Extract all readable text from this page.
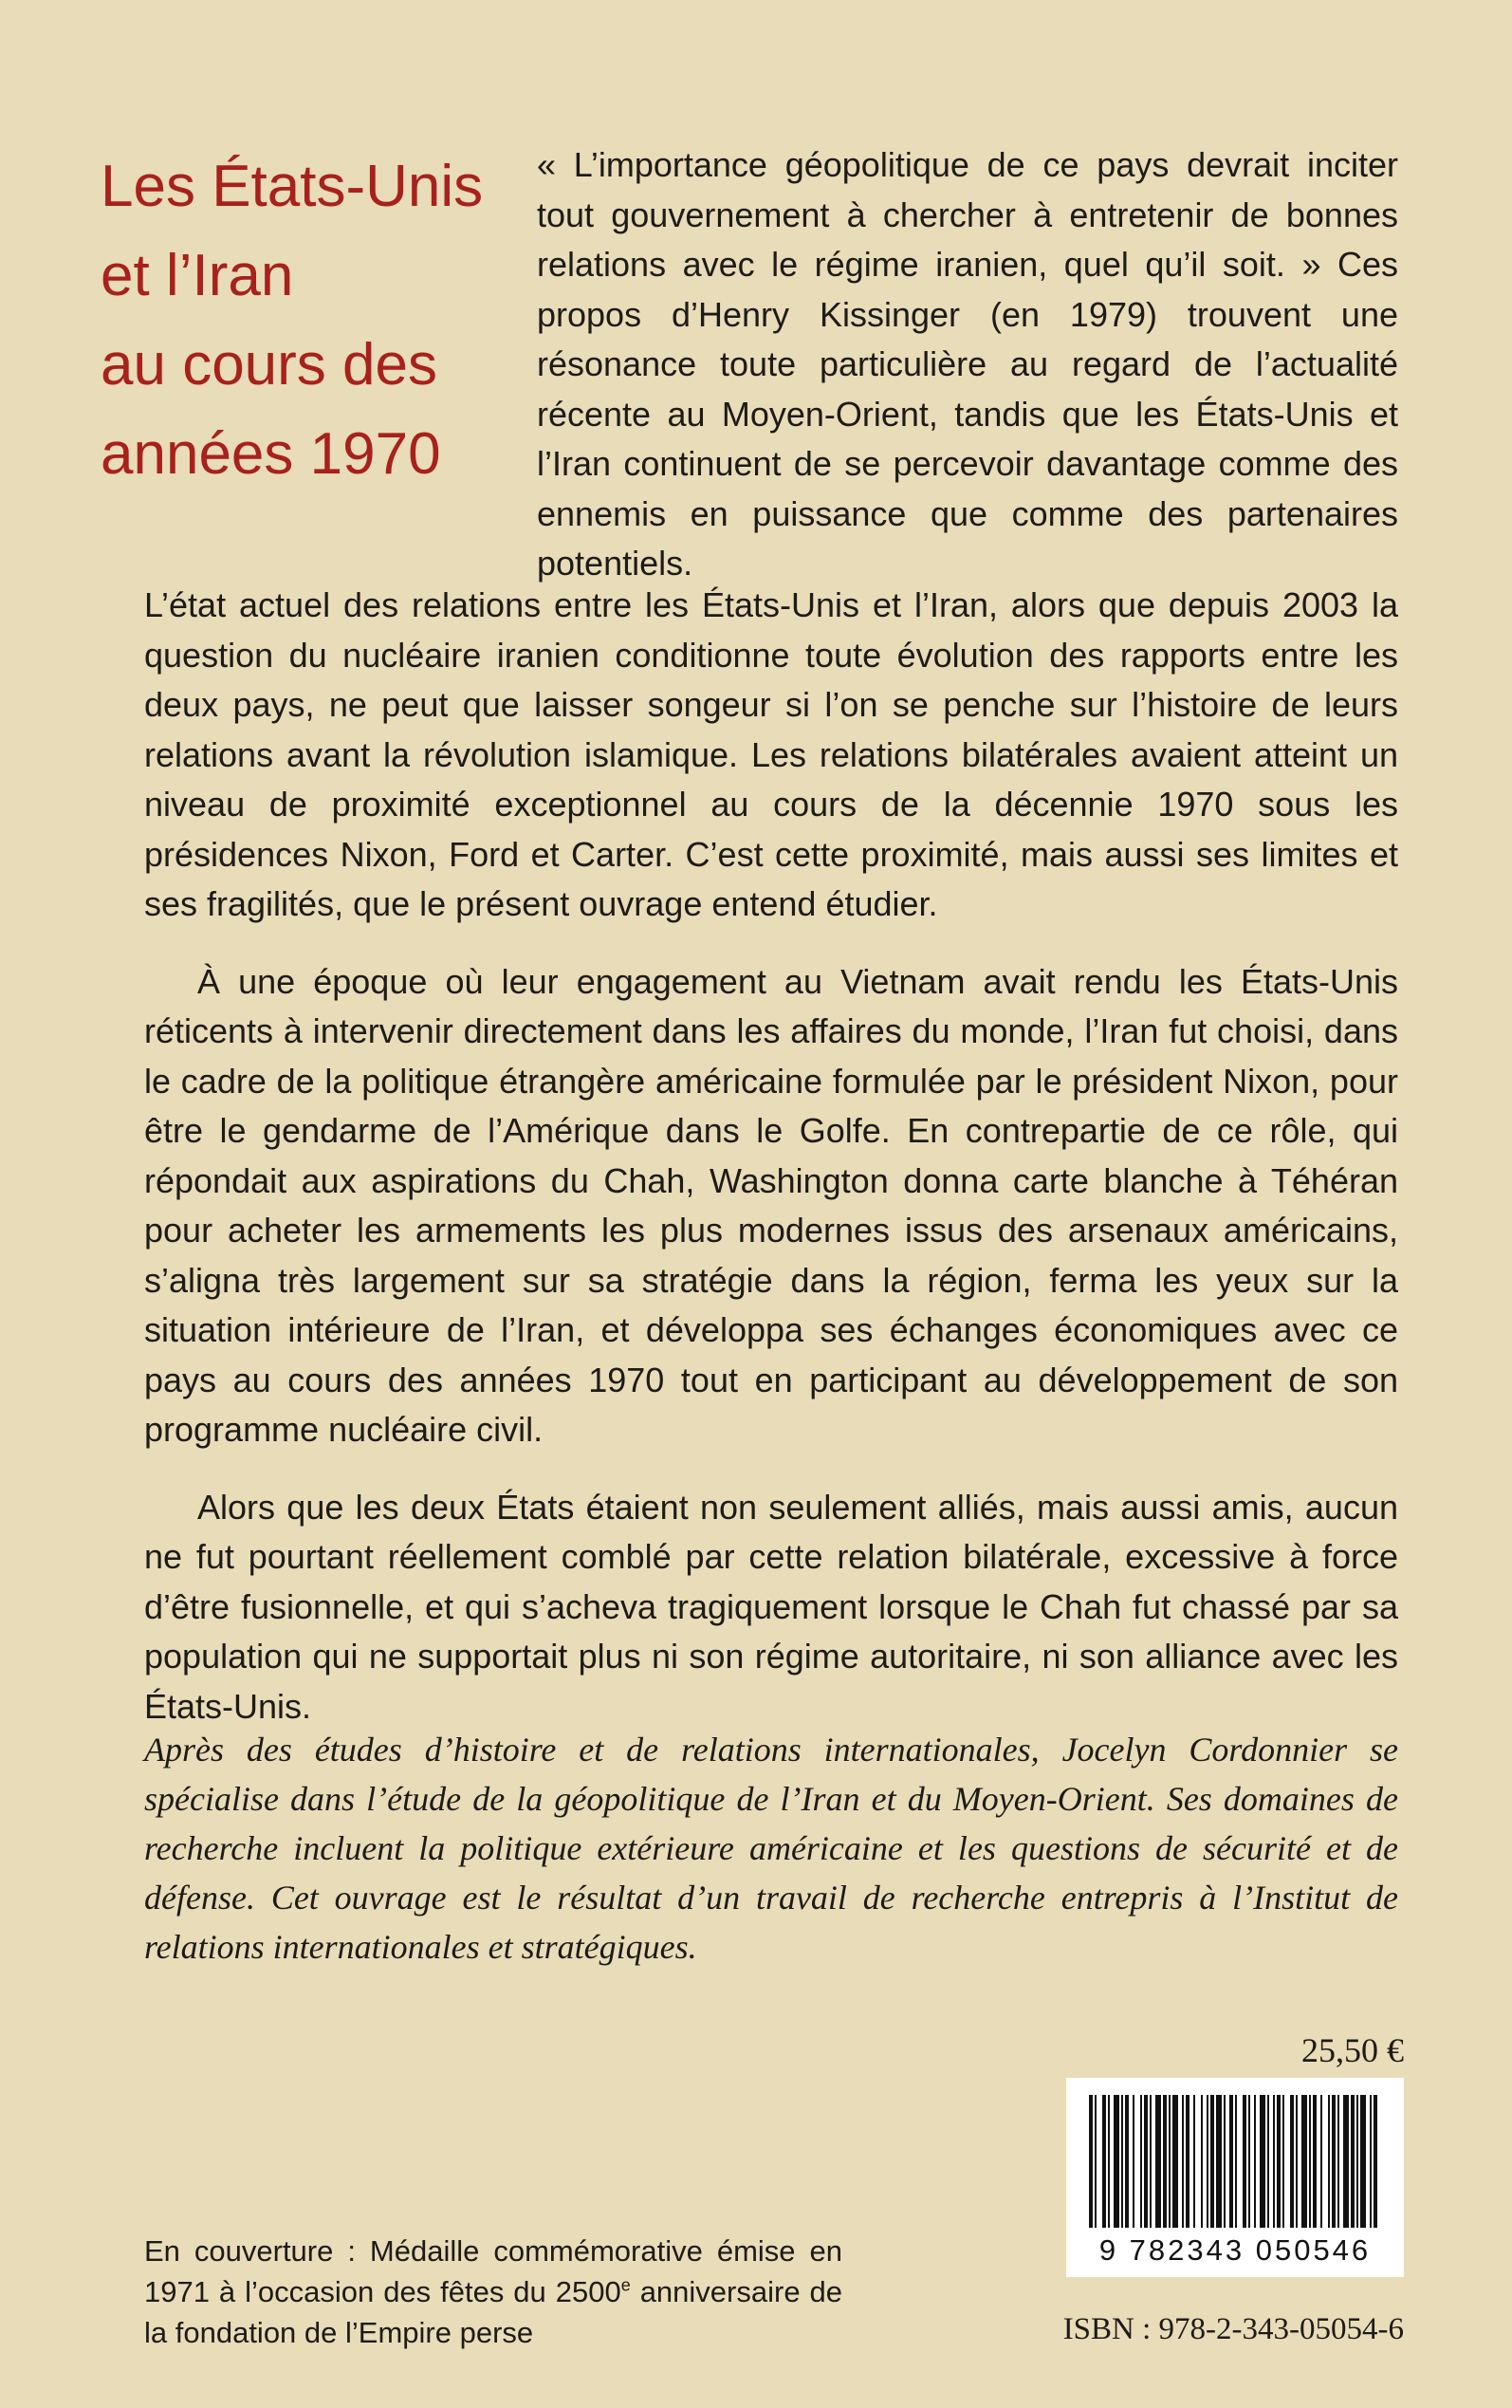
Les États-Unis
et l’Iran
au cours des
années 1970

« L’importance géopolitique de ce pays devrait inciter tout gouvernement à chercher à entretenir de bonnes relations avec le régime iranien, quel qu’il soit. » Ces propos d’Henry Kissinger (en 1979) trouvent une résonance toute particulière au regard de l’actualité récente au Moyen-Orient, tandis que les États-Unis et l’Iran continuent de se percevoir davantage comme des ennemis en puissance que comme des partenaires potentiels.

L’état actuel des relations entre les États-Unis et l’Iran, alors que depuis 2003 la question du nucléaire iranien conditionne toute évolution des rapports entre les deux pays, ne peut que laisser songeur si l’on se penche sur l’histoire de leurs relations avant la révolution islamique. Les relations bilatérales avaient atteint un niveau de proximité exceptionnel au cours de la décennie 1970 sous les présidences Nixon, Ford et Carter. C’est cette proximité, mais aussi ses limites et ses fragilités, que le présent ouvrage entend étudier.

À une époque où leur engagement au Vietnam avait rendu les États-Unis réticents à intervenir directement dans les affaires du monde, l’Iran fut choisi, dans le cadre de la politique étrangère américaine formulée par le président Nixon, pour être le gendarme de l’Amérique dans le Golfe. En contrepartie de ce rôle, qui répondait aux aspirations du Chah, Washington donna carte blanche à Téhéran pour acheter les armements les plus modernes issus des arsenaux américains, s’aligna très largement sur sa stratégie dans la région, ferma les yeux sur la situation intérieure de l’Iran, et développa ses échanges économiques avec ce pays au cours des années 1970 tout en participant au développement de son programme nucléaire civil.

Alors que les deux États étaient non seulement alliés, mais aussi amis, aucun ne fut pourtant réellement comblé par cette relation bilatérale, excessive à force d’être fusionnelle, et qui s’acheva tragiquement lorsque le Chah fut chassé par sa population qui ne supportait plus ni son régime autoritaire, ni son alliance avec les États-Unis.

Après des études d’histoire et de relations internationales, Jocelyn Cordonnier se spécialise dans l’étude de la géopolitique de l’Iran et du Moyen-Orient. Ses domaines de recherche incluent la politique extérieure américaine et les questions de sécurité et de défense. Cet ouvrage est le résultat d’un travail de recherche entrepris à l’Institut de relations internationales et stratégiques.

25,50 €
9 782343 050546

En couverture : Médaille commémorative émise en 1971 à l’occasion des fêtes du 2500e anniversaire de la fondation de l’Empire perse	ISBN : 978-2-343-05054-6
